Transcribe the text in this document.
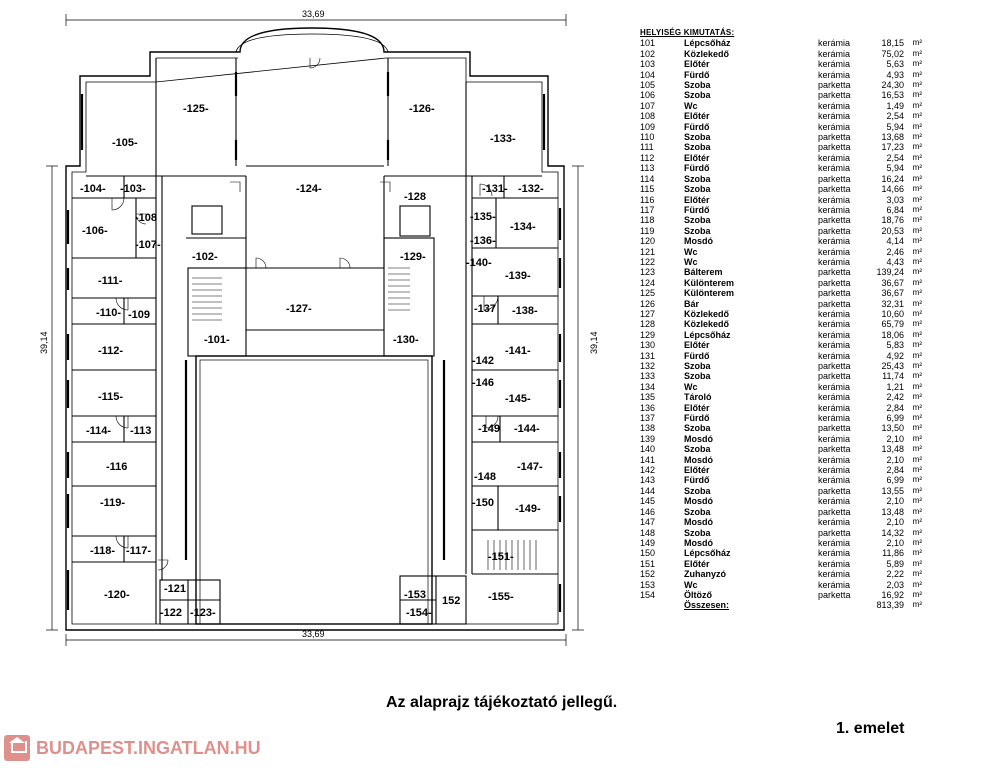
33,69
33,69
39,14	39,14
-125-	-126-
-124-
-105-	-133-
-104- -103-	-131- -132-
-128
-108
-106-
-107-
-135-
-134-
-136-
-102-	-129-	-140-
-139-
-111-
-127-
-110- -109	-137 -138-
-101-	-130-
-112-	-141-
-142
-146
-115-	-145-
-114- -113	-144-
-149
-116	-147-
-148
-119-	-150 -149-
-118- -117-	-151-
-120-	-121
-122 -123-
-153 152
-154-
-155-
HELYISÉG KIMUTATÁS:
101	Lépcsőház	kerámia	18,15	m²
102	Közlekedő	kerámia	75,02	m²
103	Előtér	kerámia	5,63	m²
104	Fürdő	kerámia	4,93	m²
105	Szoba	parketta	24,30	m²
106	Szoba	parketta	16,53	m²
107	Wc	kerámia	1,49	m²
108	Előtér	kerámia	2,54	m²
109	Fürdő	kerámia	5,94	m²
110	Szoba	parketta	13,68	m²
111	Szoba	parketta	17,23	m²
112	Előtér	kerámia	2,54	m²
113	Fürdő	kerámia	5,94	m²
114	Szoba	parketta	16,24	m²
115	Szoba	parketta	14,66	m²
116	Előtér	kerámia	3,03	m²
117	Fürdő	kerámia	6,84	m²
118	Szoba	parketta	18,76	m²
119	Szoba	parketta	20,53	m²
120	Mosdó	kerámia	4,14	m²
121	Wc	kerámia	2,46	m²
122	Wc	kerámia	4,43	m²
123	Bálterem	parketta	139,24	m²
124	Különterem	parketta	36,67	m²
125	Különterem	parketta	36,67	m²
126	Bár	parketta	32,31	m²
127	Közlekedő	kerámia	10,60	m²
128	Közlekedő	kerámia	65,79	m²
129	Lépcsőház	kerámia	18,06	m²
130	Előtér	kerámia	5,83	m²
131	Fürdő	kerámia	4,92	m²
132	Szoba	parketta	25,43	m²
133	Szoba	parketta	11,74	m²
134	Wc	kerámia	1,21	m²
135	Tároló	kerámia	2,42	m²
136	Előtér	kerámia	2,84	m²
137	Fürdő	kerámia	6,99	m²
138	Szoba	parketta	13,50	m²
139	Mosdó	kerámia	2,10	m²
140	Szoba	parketta	13,48	m²
141	Mosdó	kerámia	2,10	m²
142	Előtér	kerámia	2,84	m²
143	Fürdő	kerámia	6,99	m²
144	Szoba	parketta	13,55	m²
145	Mosdó	kerámia	2,10	m²
146	Szoba	parketta	13,48	m²
147	Mosdó	kerámia	2,10	m²
148	Szoba	parketta	14,32	m²
149	Mosdó	kerámia	2,10	m²
150	Lépcsőház	kerámia	11,86	m²
151	Előtér	kerámia	5,89	m²
152	Zuhanyzó	kerámia	2,22	m²
153	Wc	kerámia	2,03	m²
154	Öltöző	parketta	16,92	m²
Összesen:	813,39	m²
Az alaprajz tájékoztató jellegű.
1. emelet
BUDAPEST.INGATLAN.HU
